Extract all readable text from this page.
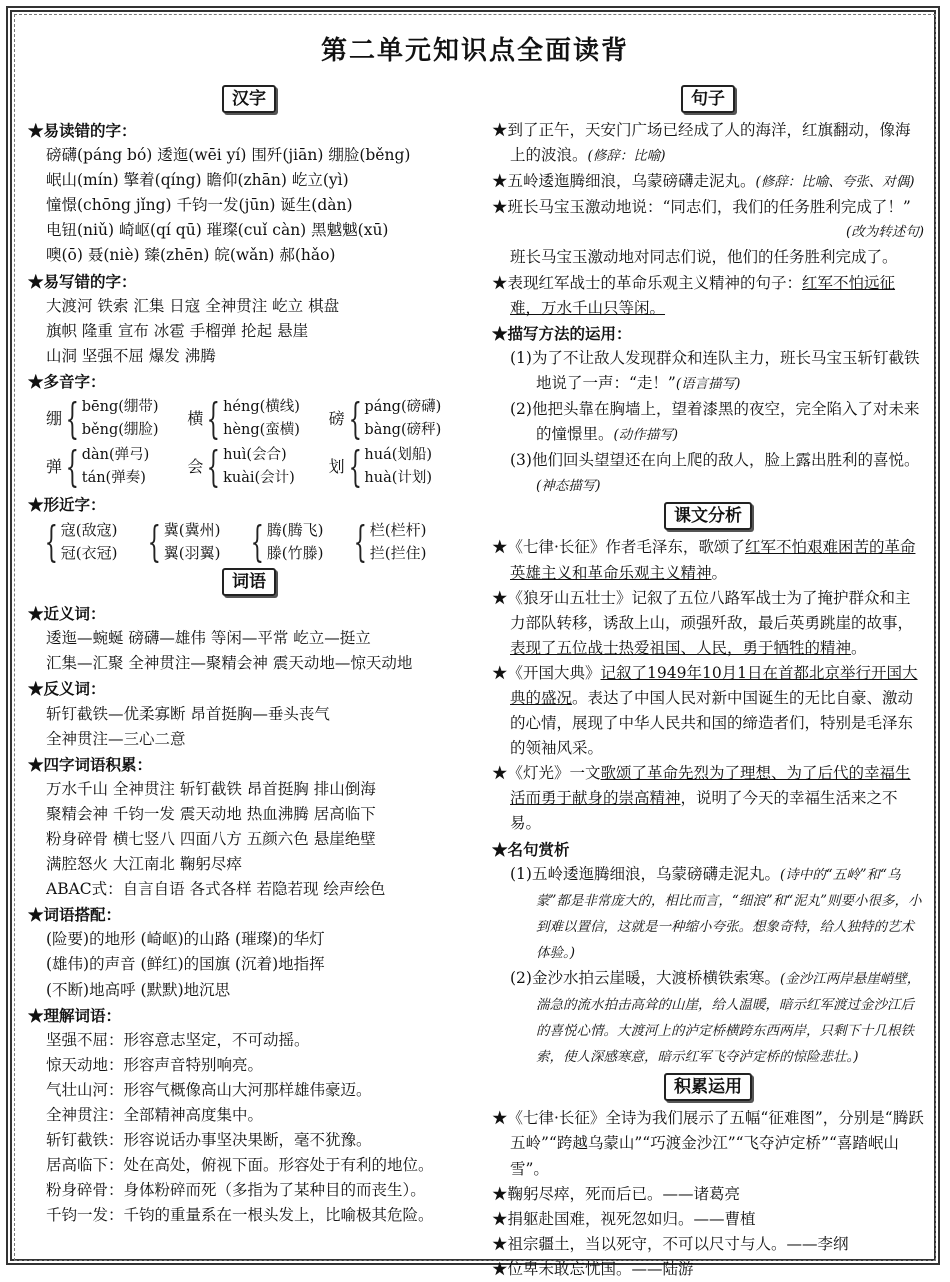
第二单元知识点全面读背
汉字
★易读错的字：
磅礴(páng bó) 逶迤(wēi yí) 围歼(jiān) 绷脸(běng)
岷山(mín) 擎着(qíng) 瞻仰(zhān) 屹立(yì)
憧憬(chōng jǐng) 千钧一发(jūn) 诞生(dàn)
电钮(niǔ) 崎岖(qí qū) 璀璨(cuǐ càn) 黑魆魆(xū)
噢(ō) 聂(niè) 臻(zhēn) 皖(wǎn) 郝(hǎo)
★易写错的字：
大渡河 铁索 汇集 日寇 全神贯注 屹立 棋盘
旗帜 隆重 宣布 冰雹 手榴弹 抡起 悬崖
山洞 坚强不屈 爆发 沸腾
★多音字：
绷 { bēng(绷带)
běng(绷脸)
横 { héng(横线)
hèng(蛮横)
磅 { páng(磅礴)
bàng(磅秤)
弹 { dàn(弹弓)
tán(弹奏)
会 { huì(会合)
kuài(会计)
划 { huá(划船)
huà(计划)
★形近字：
{ 寇(敌寇)
冠(衣冠) { 冀(冀州)
翼(羽翼) { 腾(腾飞)
滕(竹滕) { 栏(栏杆)
拦(拦住)
词语
★近义词：
逶迤—蜿蜒 磅礴—雄伟 等闲—平常 屹立—挺立
汇集—汇聚 全神贯注—聚精会神 震天动地—惊天动地
★反义词：
斩钉截铁—优柔寡断 昂首挺胸—垂头丧气
全神贯注—三心二意
★四字词语积累：
万水千山 全神贯注 斩钉截铁 昂首挺胸 排山倒海
聚精会神 千钧一发 震天动地 热血沸腾 居高临下
粉身碎骨 横七竖八 四面八方 五颜六色 悬崖绝壁
满腔怒火 大江南北 鞠躬尽瘁
ABAC式：自言自语 各式各样 若隐若现 绘声绘色
★词语搭配：
(险要)的地形 (崎岖)的山路 (璀璨)的华灯
(雄伟)的声音 (鲜红)的国旗 (沉着)地指挥
(不断)地高呼 (默默)地沉思
★理解词语：
坚强不屈：形容意志坚定，不可动摇。
惊天动地：形容声音特别响亮。
气壮山河：形容气概像高山大河那样雄伟豪迈。
全神贯注：全部精神高度集中。
斩钉截铁：形容说话办事坚决果断，毫不犹豫。
居高临下：处在高处，俯视下面。形容处于有利的地位。
粉身碎骨：身体粉碎而死（多指为了某种目的而丧生）。
千钧一发：千钧的重量系在一根头发上，比喻极其危险。
句子
★到了正午，天安门广场已经成了人的海洋，红旗翻动，像海上的波浪。(修辞：比喻)
★五岭逶迤腾细浪，乌蒙磅礴走泥丸。(修辞：比喻、夸张、对偶)
★班长马宝玉激动地说：“同志们，我们的任务胜利完成了！”
(改为转述句)
班长马宝玉激动地对同志们说，他们的任务胜利完成了。
★表现红军战士的革命乐观主义精神的句子：红军不怕远征难，万水千山只等闲。
★描写方法的运用：
(1)为了不让敌人发现群众和连队主力，班长马宝玉斩钉截铁地说了一声：“走！”(语言描写)
(2)他把头靠在胸墙上，望着漆黑的夜空，完全陷入了对未来的憧憬里。(动作描写)
(3)他们回头望望还在向上爬的敌人，脸上露出胜利的喜悦。(神态描写)
课文分析
★《七律·长征》作者毛泽东，歌颂了红军不怕艰难困苦的革命英雄主义和革命乐观主义精神。
★《狼牙山五壮士》记叙了五位八路军战士为了掩护群众和主力部队转移，诱敌上山，顽强歼敌，最后英勇跳崖的故事，表现了五位战士热爱祖国、人民，勇于牺牲的精神。
★《开国大典》记叙了1949年10月1日在首都北京举行开国大典的盛况。表达了中国人民对新中国诞生的无比自豪、激动的心情，展现了中华人民共和国的缔造者们，特别是毛泽东的领袖风采。
★《灯光》一文歌颂了革命先烈为了理想、为了后代的幸福生活而勇于献身的崇高精神，说明了今天的幸福生活来之不易。
★名句赏析
(1)五岭逶迤腾细浪，乌蒙磅礴走泥丸。(诗中的“五岭”和“乌蒙”都是非常庞大的，相比而言，“细浪”和“泥丸”则要小很多，小到难以置信，这就是一种缩小夸张。想象奇特，给人独特的艺术体验。)
(2)金沙水拍云崖暖，大渡桥横铁索寒。(金沙江两岸悬崖峭壁，湍急的流水拍击高耸的山崖，给人温暖，暗示红军渡过金沙江后的喜悦心情。大渡河上的泸定桥横跨东西两岸，只剩下十几根铁索，使人深感寒意，暗示红军飞夺泸定桥的惊险悲壮。)
积累运用
★《七律·长征》全诗为我们展示了五幅“征难图”，分别是“腾跃五岭”“跨越乌蒙山”“巧渡金沙江”“飞夺泸定桥”“喜踏岷山雪”。
★鞠躬尽瘁，死而后已。——诸葛亮
★捐躯赴国难，视死忽如归。——曹植
★祖宗疆土，当以死守，不可以尺寸与人。——李纲
★位卑未敢忘忧国。——陆游
